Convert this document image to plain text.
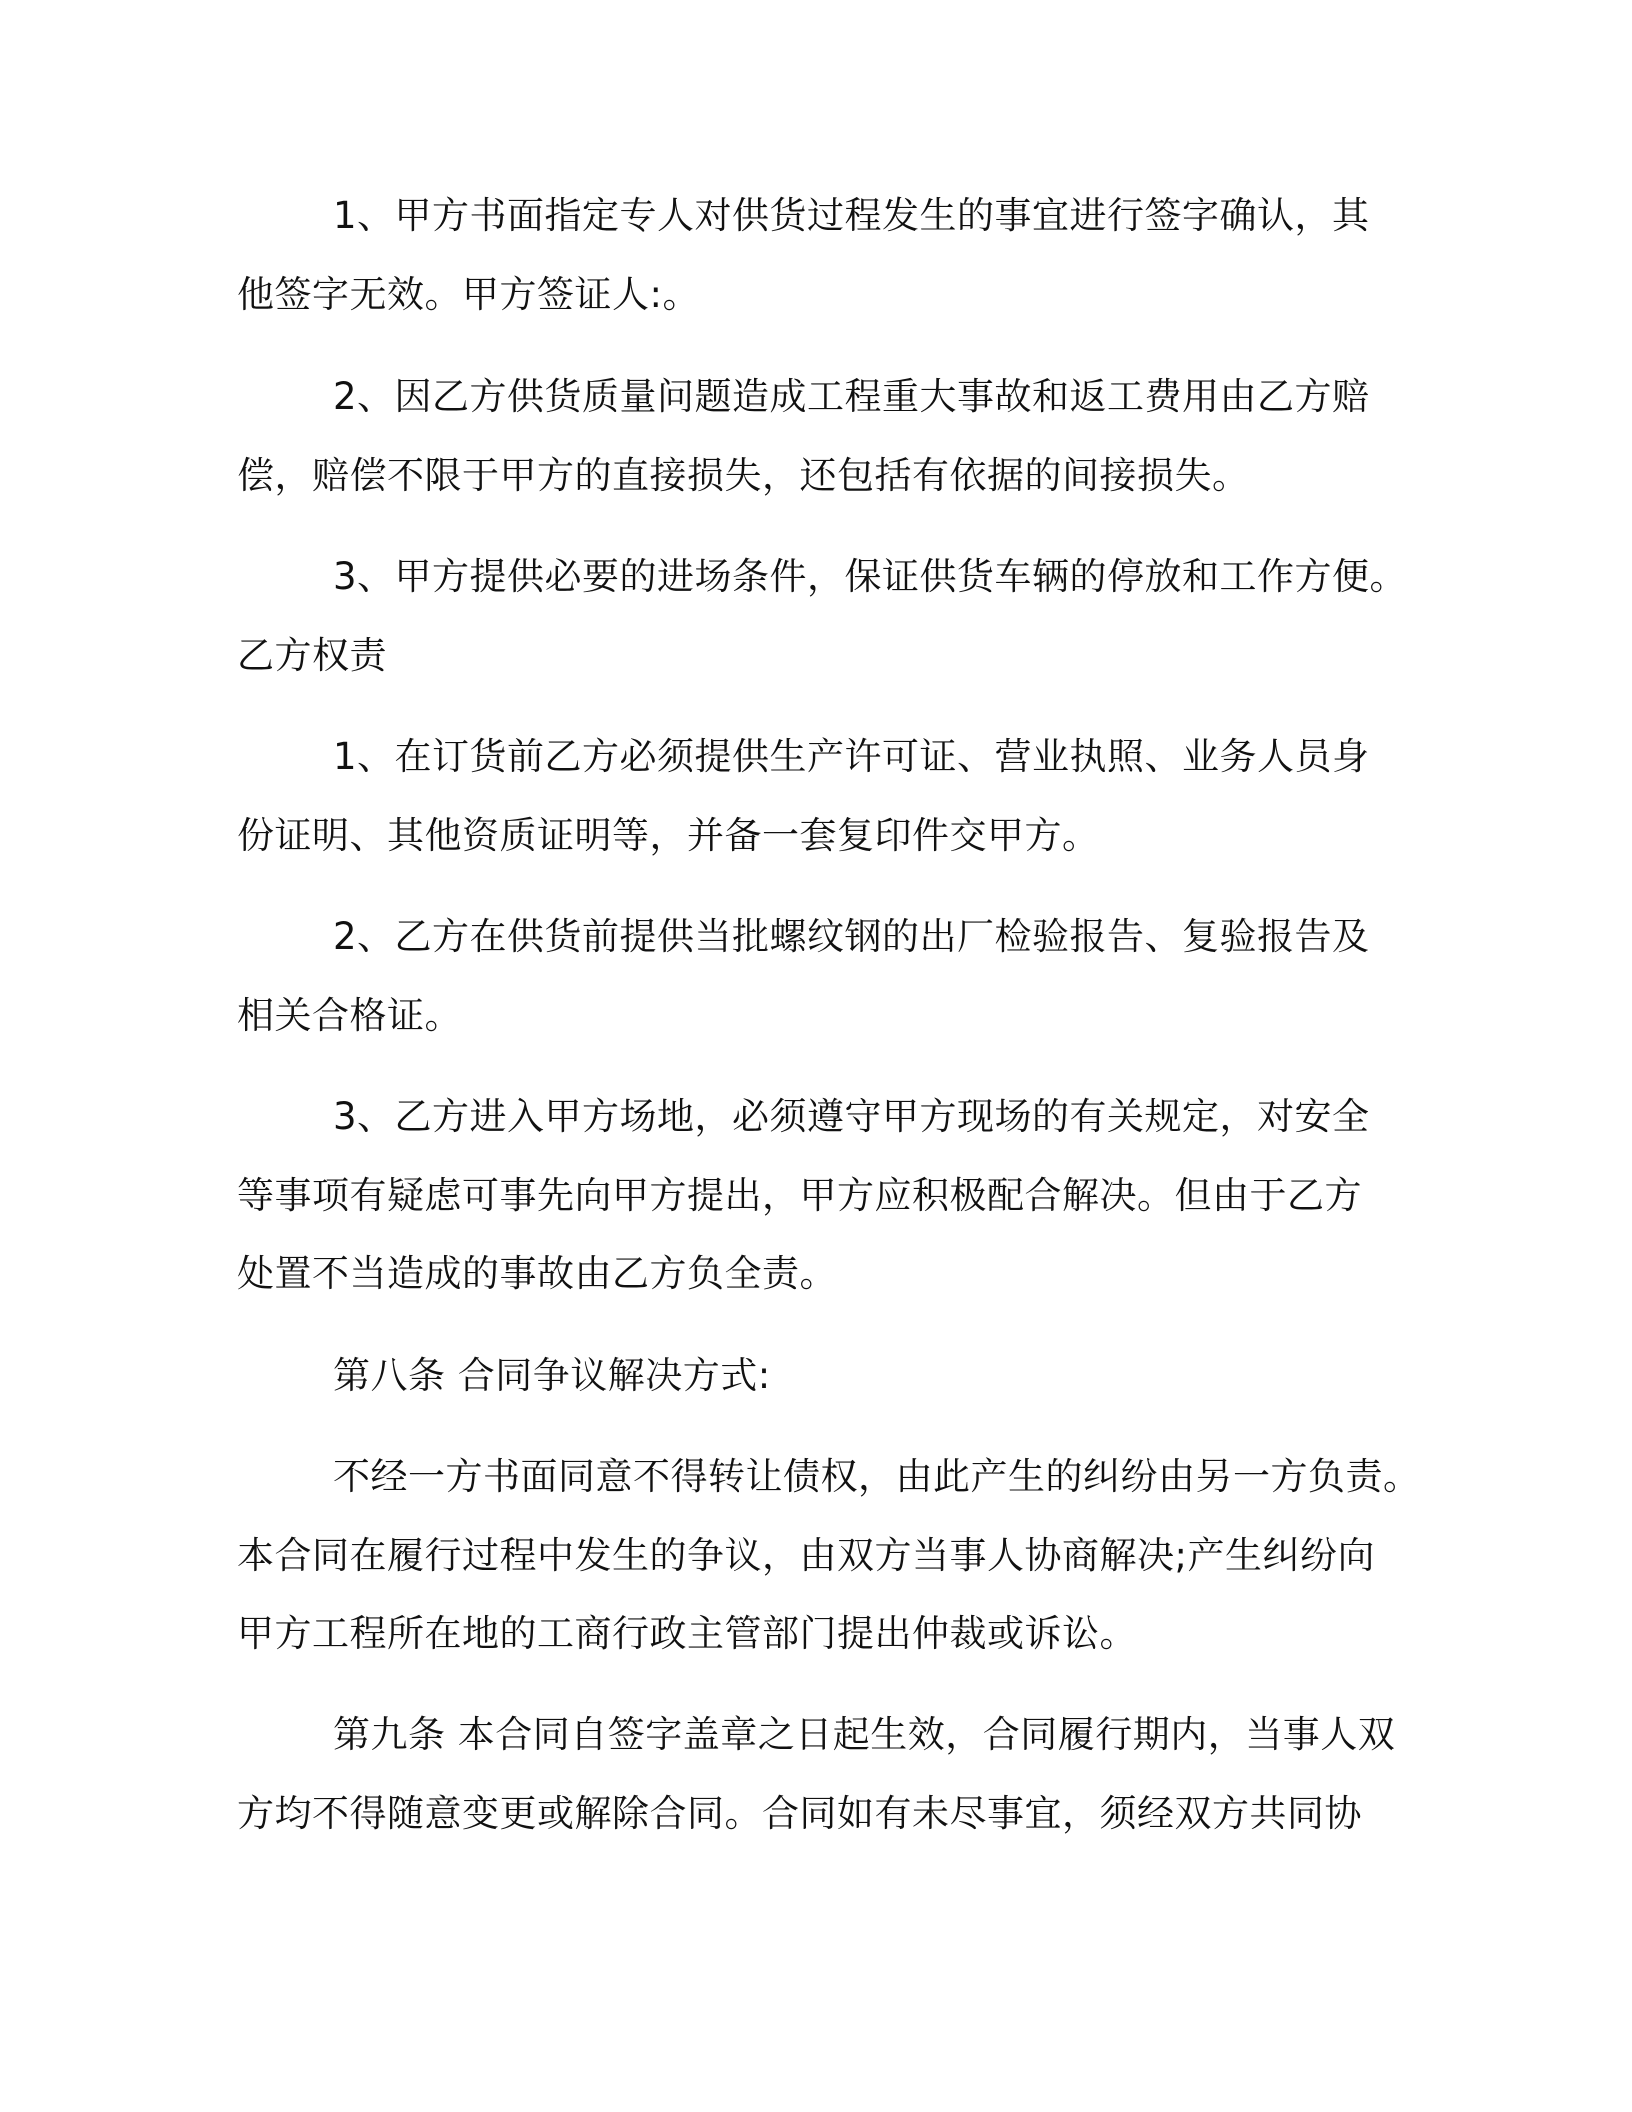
1、甲方书面指定专人对供货过程发生的事宜进行签字确认，其
他签字无效。甲方签证人:。
2、因乙方供货质量问题造成工程重大事故和返工费用由乙方赔
偿，赔偿不限于甲方的直接损失，还包括有依据的间接损失。
3、甲方提供必要的进场条件，保证供货车辆的停放和工作方便。
乙方权责
1、在订货前乙方必须提供生产许可证、营业执照、业务人员身
份证明、其他资质证明等，并备一套复印件交甲方。
2、乙方在供货前提供当批螺纹钢的出厂检验报告、复验报告及
相关合格证。
3、乙方进入甲方场地，必须遵守甲方现场的有关规定，对安全
等事项有疑虑可事先向甲方提出，甲方应积极配合解决。但由于乙方
处置不当造成的事故由乙方负全责。
第八条 合同争议解决方式:
不经一方书面同意不得转让债权，由此产生的纠纷由另一方负责。
本合同在履行过程中发生的争议，由双方当事人协商解决;产生纠纷向
甲方工程所在地的工商行政主管部门提出仲裁或诉讼。
第九条 本合同自签字盖章之日起生效，合同履行期内，当事人双
方均不得随意变更或解除合同。合同如有未尽事宜，须经双方共同协
